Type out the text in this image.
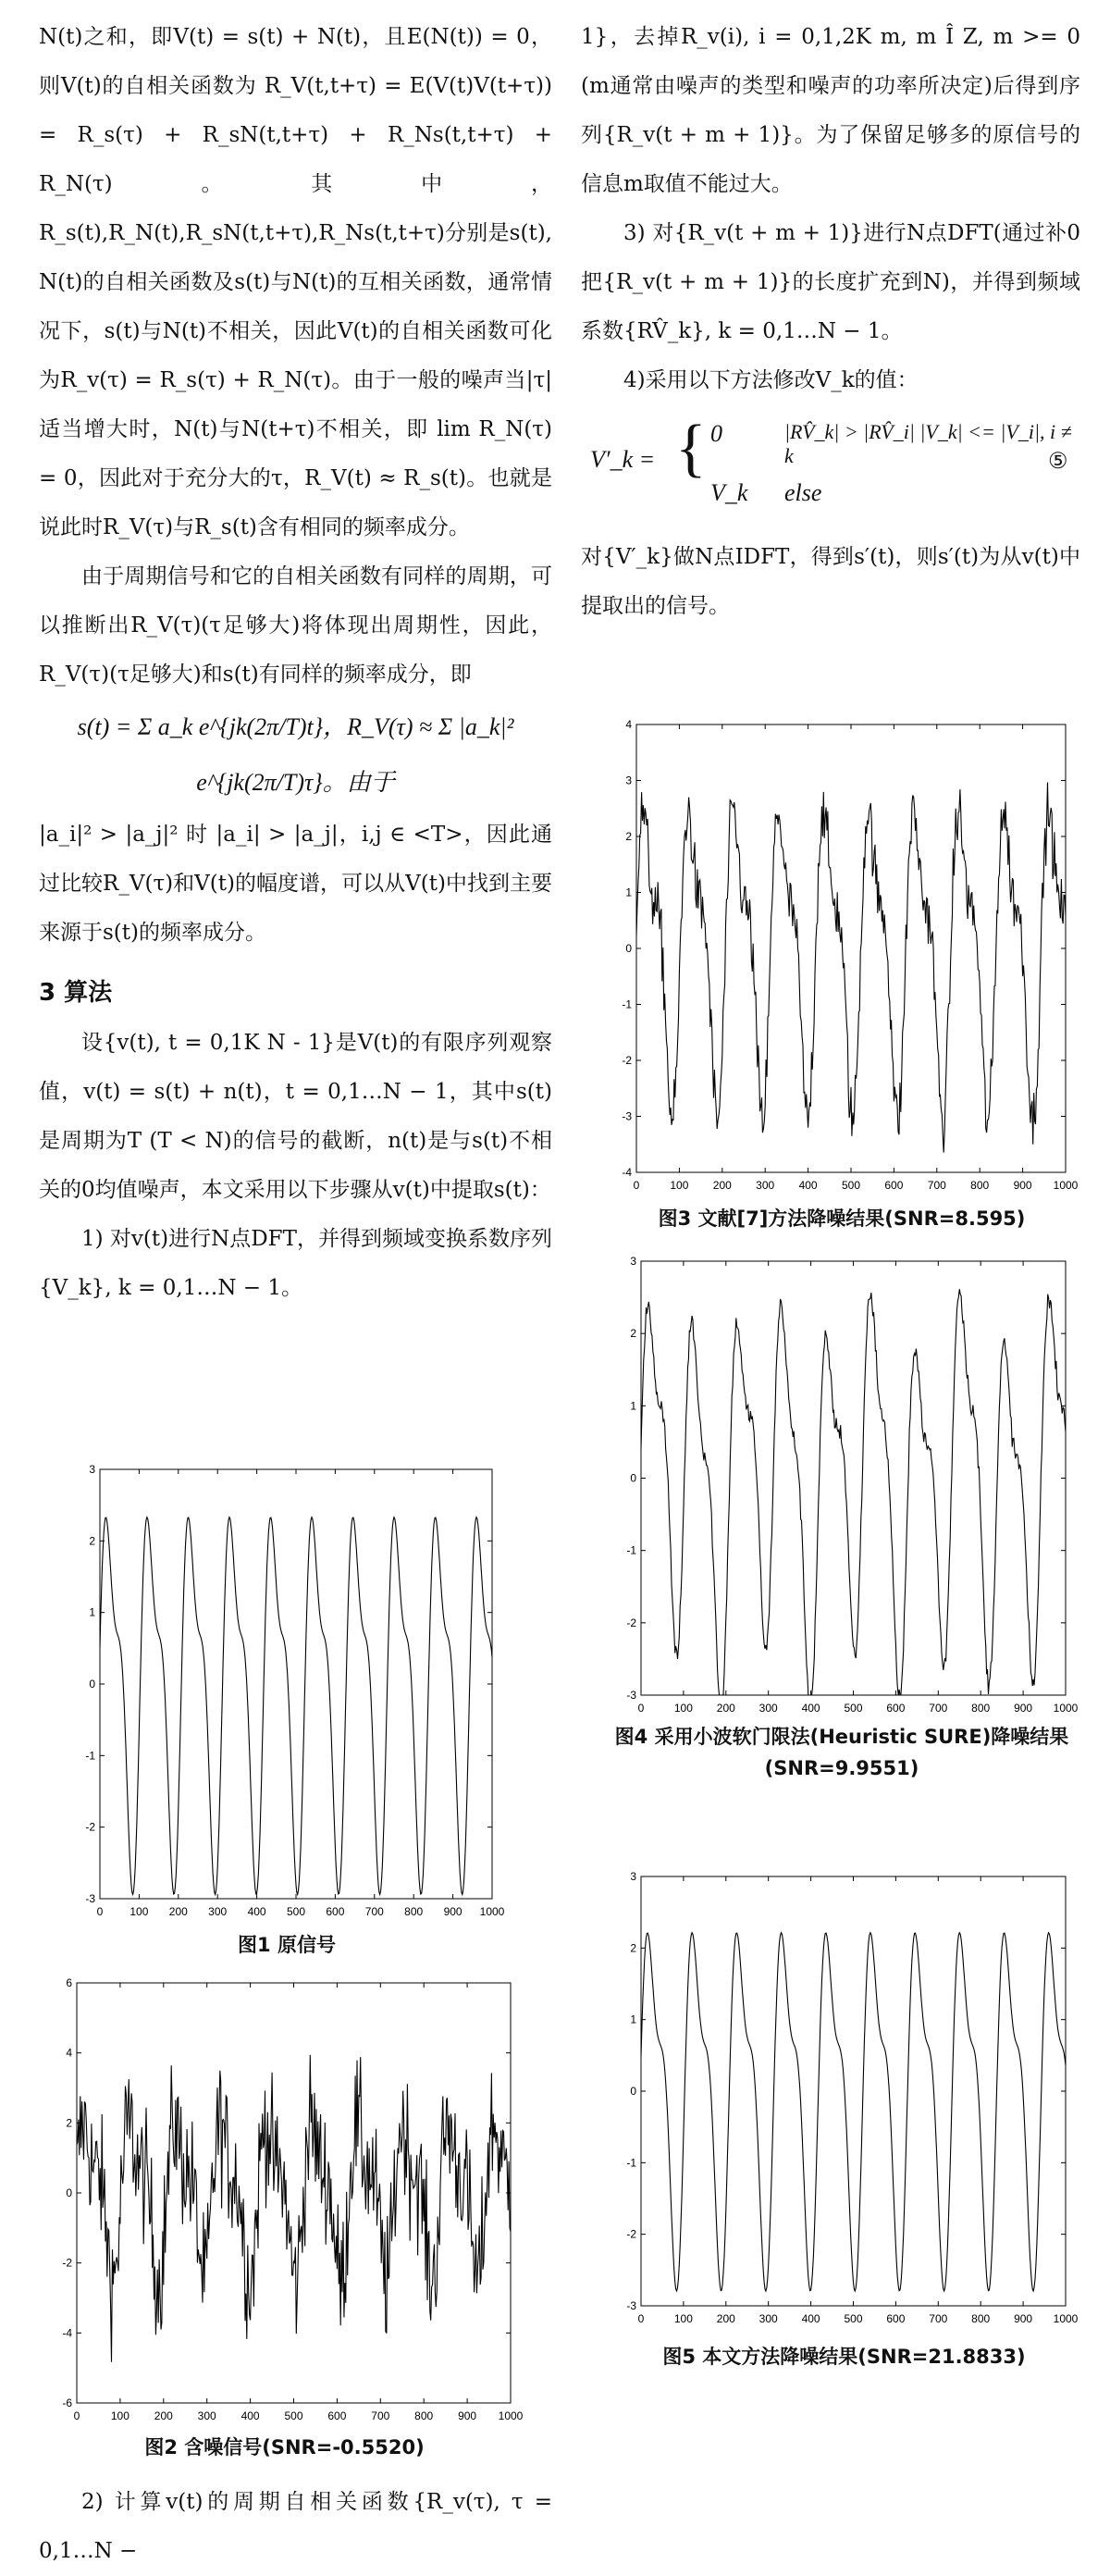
N(t)之和，即V(t) = s(t) + N(t)，且E(N(t)) = 0，则V(t)的自相关函数为 R_V(t,t+τ) = E(V(t)V(t+τ)) = R_s(τ) + R_sN(t,t+τ) + R_Ns(t,t+τ) + R_N(τ)。其中，R_s(t),R_N(t),R_sN(t,t+τ),R_Ns(t,t+τ)分别是s(t), N(t)的自相关函数及s(t)与N(t)的互相关函数，通常情况下，s(t)与N(t)不相关，因此V(t)的自相关函数可化为R_v(τ) = R_s(τ) + R_N(τ)。由于一般的噪声当|τ|适当增大时，N(t)与N(t+τ)不相关，即 lim R_N(τ) = 0，因此对于充分大的τ，R_V(t) ≈ R_s(t)。也就是说此时R_V(τ)与R_s(t)含有相同的频率成分。

由于周期信号和它的自相关函数有同样的周期，可以推断出R_V(τ)(τ足够大)将体现出周期性，因此，R_V(τ)(τ足够大)和s(t)有同样的频率成分，即

s(t) = Σ a_k e^{jk(2π/T)t}，R_V(τ) ≈ Σ |a_k|² e^{jk(2π/T)τ}。由于

|a_i|² > |a_j|² 时 |a_i| > |a_j|，i,j ∈ <T>，因此通过比较R_V(τ)和V(t)的幅度谱，可以从V(t)中找到主要来源于s(t)的频率成分。

3 算法

设{v(t), t = 0,1K N - 1}是V(t)的有限序列观察值，v(t) = s(t) + n(t)，t = 0,1…N − 1，其中s(t)是周期为T (T < N)的信号的截断，n(t)是与s(t)不相关的0均值噪声，本文采用以下步骤从v(t)中提取s(t)：

1) 对v(t)进行N点DFT，并得到频域变换系数序列{V_k}, k = 0,1…N − 1。

0 100 200 300 400 500 600 700 800 900 1000
-3
-2
-1
0
1
2
3
图1 原信号
0	100 200 300 400 500 600 700 800 900 1000
-6
-4
-2
0
2
4
6
图2 含噪信号(SNR=-0.5520)

2) 计算v(t)的周期自相关函数{R_v(τ), τ = 0,1…N −

1}，去掉R_v(i), i = 0,1,2K m, m Î Z, m >= 0 (m通常由噪声的类型和噪声的功率所决定)后得到序列{R_v(t + m + 1)}。为了保留足够多的原信号的信息m取值不能过大。

3) 对{R_v(t + m + 1)}进行N点DFT(通过补0把{R_v(t + m + 1)}的长度扩充到N)，并得到频域系数{RV̂_k}, k = 0,1…N − 1。

4)采用以下方法修改V_k的值：

V′_k = { 0	|RV̂_k| > |RV̂_i| |V_k| <= |V_i|, i ≠ k
V_k else
⑤

对{V′_k}做N点IDFT，得到s′(t)，则s′(t)为从v(t)中提取出的信号。

0	100 200 300 400 500 600 700 800 900 1000
-4
-3
-2
-1
0
1
2
3
4
图3 文献[7]方法降噪结果(SNR=8.595)
0	100 200 300 400 500 600 700 800 900 1000
-3
-2
-1
0
1
2
3
图4 采用小波软门限法(Heuristic SURE)降噪结果(SNR=9.9551)
0	100 200 300 400 500 600 700 800 900 1000
-3
-2
-1
0
1
2
3
图5 本文方法降噪结果(SNR=21.8833)
